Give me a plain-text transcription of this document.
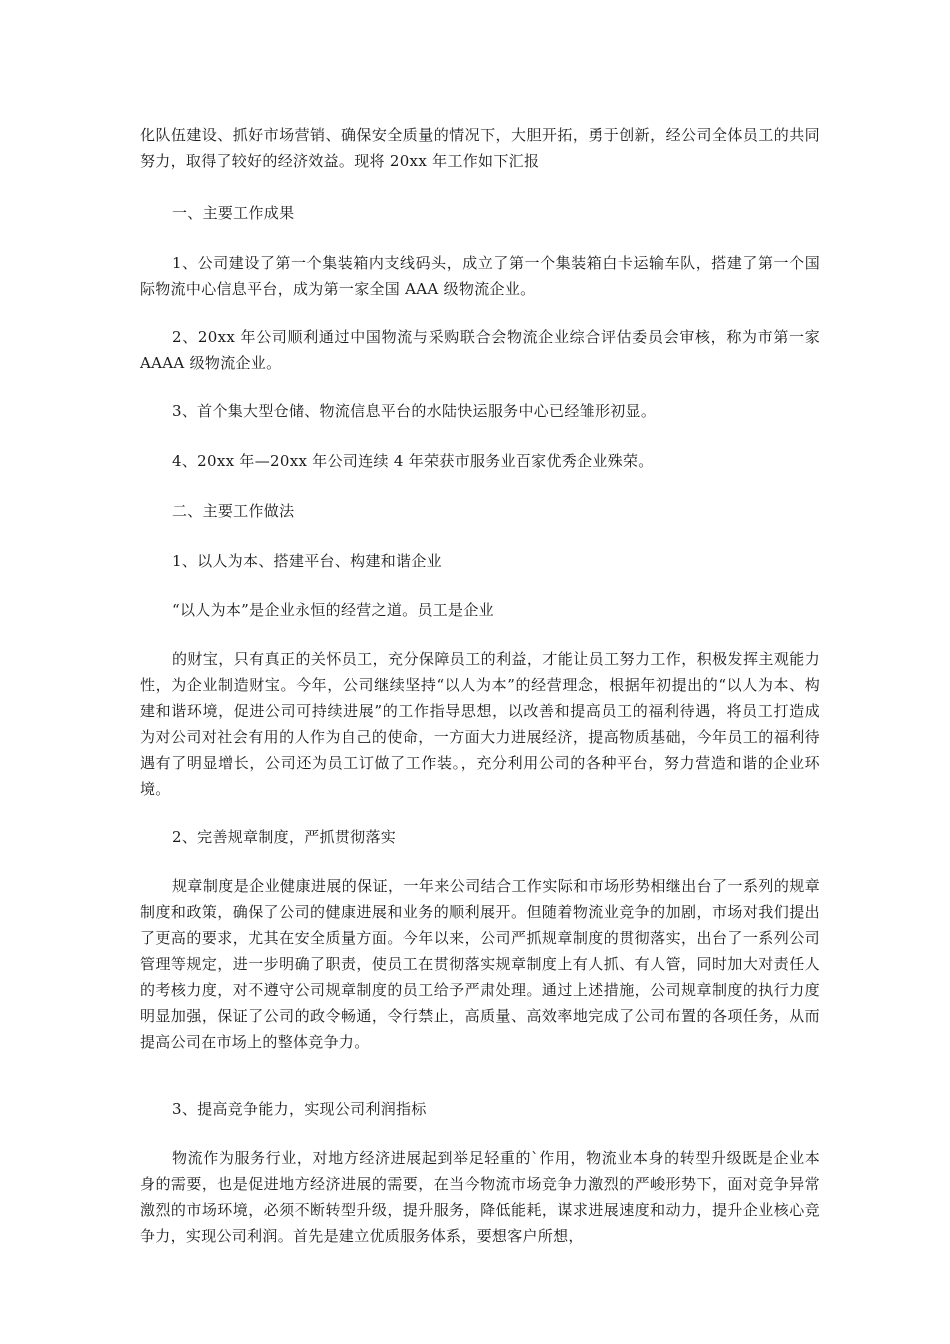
化队伍建设、抓好市场营销、确保安全质量的情况下，大胆开拓，勇于创新，经公司全体员工的共同努力，取得了较好的经济效益。现将 20xx 年工作如下汇报

一、主要工作成果

1、公司建设了第一个集装箱内支线码头，成立了第一个集装箱白卡运输车队，搭建了第一个国际物流中心信息平台，成为第一家全国 AAA 级物流企业。

2、20xx 年公司顺利通过中国物流与采购联合会物流企业综合评估委员会审核，称为市第一家 AAAA 级物流企业。

3、首个集大型仓储、物流信息平台的水陆快运服务中心已经雏形初显。

4、20xx 年—20xx 年公司连续 4 年荣获市服务业百家优秀企业殊荣。

二、主要工作做法

1、以人为本、搭建平台、构建和谐企业

“以人为本”是企业永恒的经营之道。员工是企业

的财宝，只有真正的关怀员工，充分保障员工的利益，才能让员工努力工作，积极发挥主观能力性，为企业制造财宝。今年，公司继续坚持“以人为本”的经营理念，根据年初提出的“以人为本、构建和谐环境，促进公司可持续进展”的工作指导思想，以改善和提高员工的福利待遇，将员工打造成为对公司对社会有用的人作为自己的使命，一方面大力进展经济，提高物质基础，今年员工的福利待遇有了明显增长，公司还为员工订做了工作装。，充分利用公司的各种平台，努力营造和谐的企业环境。

2、完善规章制度，严抓贯彻落实

规章制度是企业健康进展的保证，一年来公司结合工作实际和市场形势相继出台了一系列的规章制度和政策，确保了公司的健康进展和业务的顺利展开。但随着物流业竞争的加剧，市场对我们提出了更高的要求，尤其在安全质量方面。今年以来，公司严抓规章制度的贯彻落实，出台了一系列公司管理等规定，进一步明确了职责，使员工在贯彻落实规章制度上有人抓、有人管，同时加大对责任人的考核力度，对不遵守公司规章制度的员工给予严肃处理。通过上述措施，公司规章制度的执行力度明显加强，保证了公司的政令畅通，令行禁止，高质量、高效率地完成了公司布置的各项任务，从而提高公司在市场上的整体竞争力。

3、提高竞争能力，实现公司利润指标

物流作为服务行业，对地方经济进展起到举足轻重的`作用，物流业本身的转型升级既是企业本身的需要，也是促进地方经济进展的需要，在当今物流市场竞争力激烈的严峻形势下，面对竞争异常激烈的市场环境，必须不断转型升级，提升服务，降低能耗，谋求进展速度和动力，提升企业核心竞争力，实现公司利润。首先是建立优质服务体系，要想客户所想，
